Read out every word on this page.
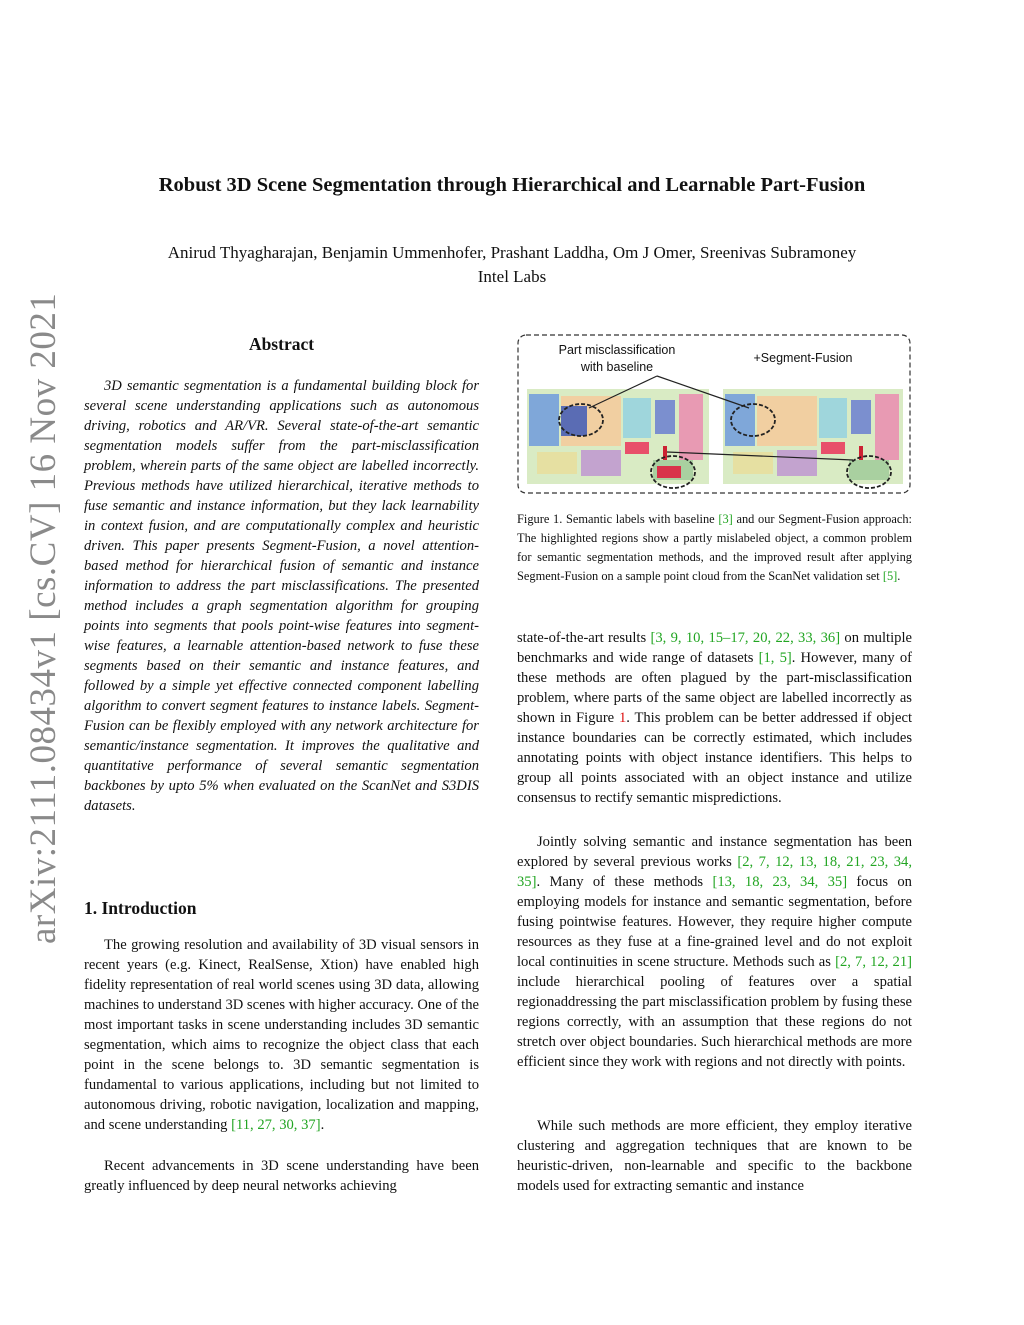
arXiv:2111.08434v1 [cs.CV] 16 Nov 2021
Robust 3D Scene Segmentation through Hierarchical and Learnable Part-Fusion
Anirud Thyagharajan, Benjamin Ummenhofer, Prashant Laddha, Om J Omer, Sreenivas Subramoney
Intel Labs
Abstract
3D semantic segmentation is a fundamental building block for several scene understanding applications such as autonomous driving, robotics and AR/VR. Several state-of-the-art semantic segmentation models suffer from the part-misclassification problem, wherein parts of the same object are labelled incorrectly. Previous methods have utilized hierarchical, iterative methods to fuse semantic and instance information, but they lack learnability in context fusion, and are computationally complex and heuristic driven. This paper presents Segment-Fusion, a novel attention-based method for hierarchical fusion of semantic and instance information to address the part misclassifications. The presented method includes a graph segmentation algorithm for grouping points into segments that pools point-wise features into segment-wise features, a learnable attention-based network to fuse these segments based on their semantic and instance features, and followed by a simple yet effective connected component labelling algorithm to convert segment features to instance labels. Segment-Fusion can be flexibly employed with any network architecture for semantic/instance segmentation. It improves the qualitative and quantitative performance of several semantic segmentation backbones by upto 5% when evaluated on the ScanNet and S3DIS datasets.
1. Introduction
The growing resolution and availability of 3D visual sensors in recent years (e.g. Kinect, RealSense, Xtion) have enabled high fidelity representation of real world scenes using 3D data, allowing machines to understand 3D scenes with higher accuracy. One of the most important tasks in scene understanding includes 3D semantic segmentation, which aims to recognize the object class that each point in the scene belongs to. 3D semantic segmentation is fundamental to various applications, including but not limited to autonomous driving, robotic navigation, localization and mapping, and scene understanding [11, 27, 30, 37].
Recent advancements in 3D scene understanding have been greatly influenced by deep neural networks achieving
Part misclassification
with baseline
+Segment-Fusion
Figure 1. Semantic labels with baseline [3] and our Segment-Fusion approach: The highlighted regions show a partly mislabeled object, a common problem for semantic segmentation methods, and the improved result after applying Segment-Fusion on a sample point cloud from the ScanNet validation set [5].
state-of-the-art results [3, 9, 10, 15–17, 20, 22, 33, 36] on multiple benchmarks and wide range of datasets [1, 5]. However, many of these methods are often plagued by the part-misclassification problem, where parts of the same object are labelled incorrectly as shown in Figure 1. This problem can be better addressed if object instance boundaries can be correctly estimated, which includes annotating points with object instance identifiers. This helps to group all points associated with an object instance and utilize consensus to rectify semantic mispredictions.
Jointly solving semantic and instance segmentation has been explored by several previous works [2, 7, 12, 13, 18, 21, 23, 34, 35]. Many of these methods [13, 18, 23, 34, 35] focus on employing models for instance and semantic segmentation, before fusing pointwise features. However, they require higher compute resources as they fuse at a fine-grained level and do not exploit local continuities in scene structure. Methods such as [2, 7, 12, 21] include hierarchical pooling of features over a spatial regionaddressing the part misclassification problem by fusing these regions correctly, with an assumption that these regions do not stretch over object boundaries. Such hierarchical methods are more efficient since they work with regions and not directly with points.
While such methods are more efficient, they employ iterative clustering and aggregation techniques that are known to be heuristic-driven, non-learnable and specific to the backbone models used for extracting semantic and instance
